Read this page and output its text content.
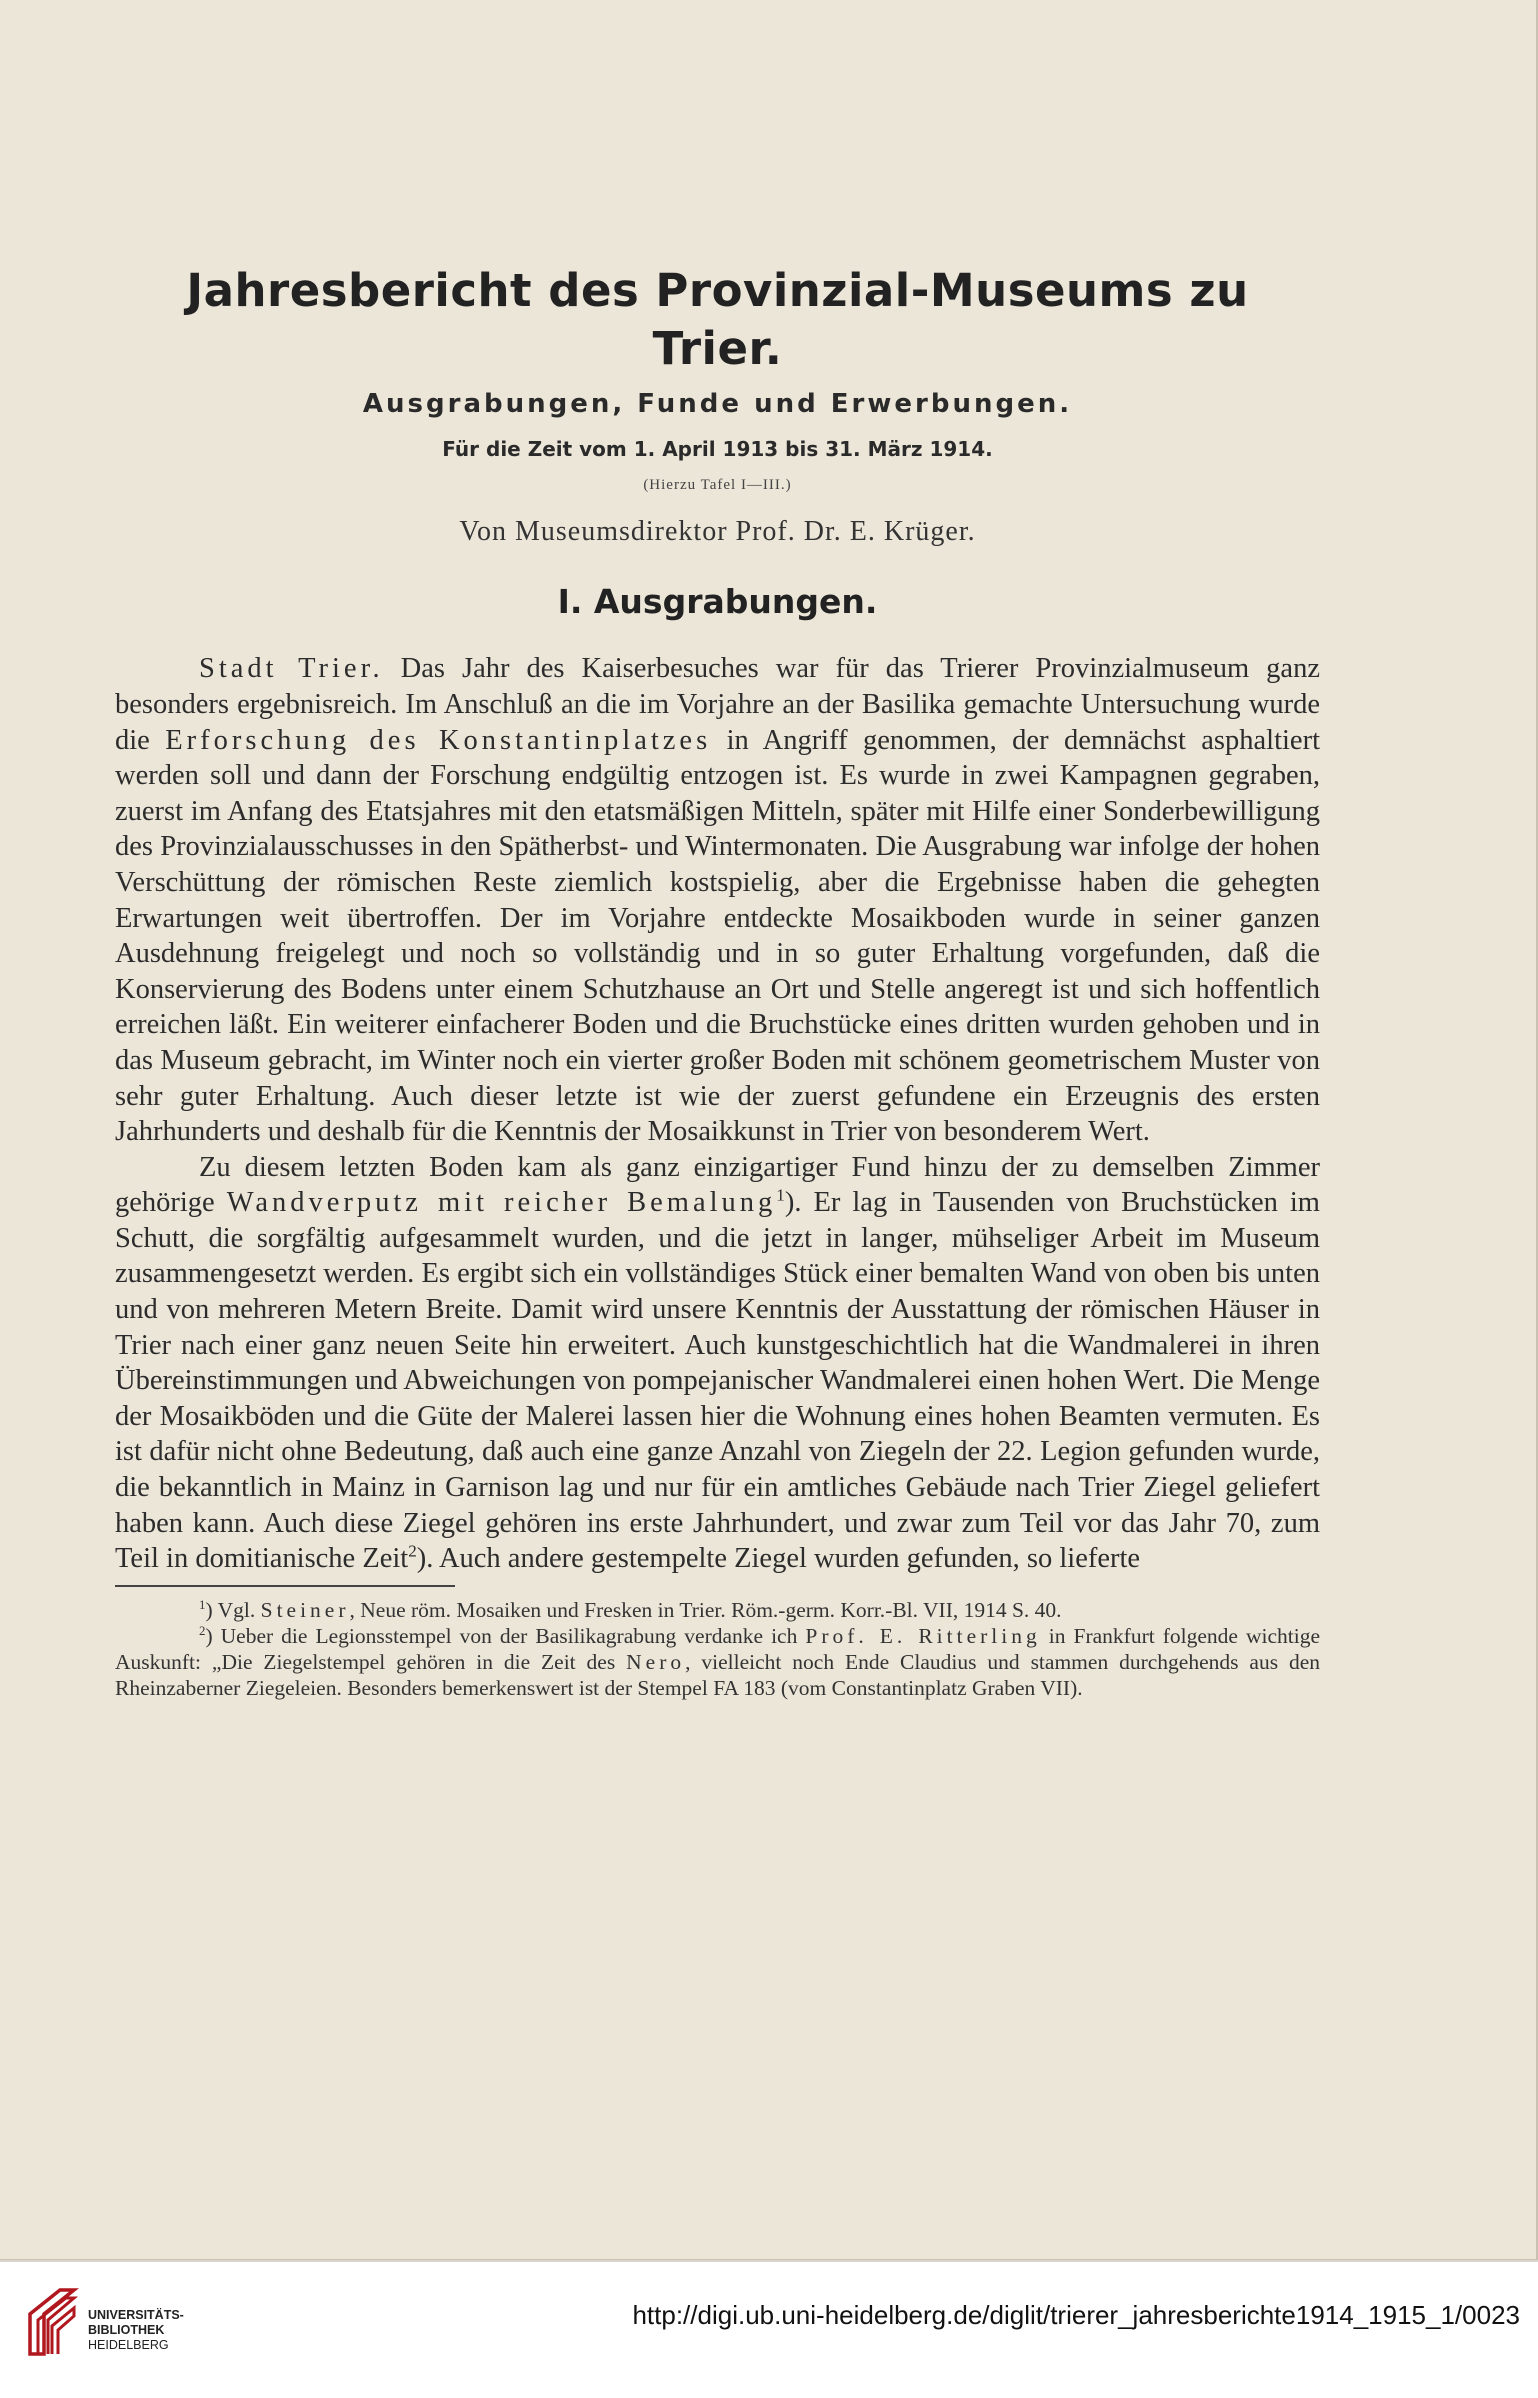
Jahresbericht des Provinzial-Museums zu Trier.
Ausgrabungen, Funde und Erwerbungen.
Für die Zeit vom 1. April 1913 bis 31. März 1914.
(Hierzu Tafel I—III.)
Von Museumsdirektor Prof. Dr. E. Krüger.
I. Ausgrabungen.

Stadt Trier. Das Jahr des Kaiserbesuches war für das Trierer Provinzialmuseum ganz besonders ergebnisreich. Im Anschluß an die im Vorjahre an der Basilika gemachte Untersuchung wurde die Erforschung des Konstantinplatzes in Angriff genommen, der demnächst asphaltiert werden soll und dann der Forschung endgültig entzogen ist. Es wurde in zwei Kampagnen gegraben, zuerst im Anfang des Etatsjahres mit den etatsmäßigen Mitteln, später mit Hilfe einer Sonderbewilligung des Provinzialausschusses in den Spätherbst- und Wintermonaten. Die Ausgrabung war infolge der hohen Verschüttung der römischen Reste ziemlich kostspielig, aber die Ergebnisse haben die gehegten Erwartungen weit übertroffen. Der im Vorjahre entdeckte Mosaikboden wurde in seiner ganzen Ausdehnung freigelegt und noch so vollständig und in so guter Erhaltung vorgefunden, daß die Konservierung des Bodens unter einem Schutzhause an Ort und Stelle angeregt ist und sich hoffentlich erreichen läßt. Ein weiterer einfacherer Boden und die Bruchstücke eines dritten wurden gehoben und in das Museum gebracht, im Winter noch ein vierter großer Boden mit schönem geometrischem Muster von sehr guter Erhaltung. Auch dieser letzte ist wie der zuerst gefundene ein Erzeugnis des ersten Jahrhunderts und deshalb für die Kenntnis der Mosaikkunst in Trier von besonderem Wert.

Zu diesem letzten Boden kam als ganz einzigartiger Fund hinzu der zu demselben Zimmer gehörige Wandverputz mit reicher Bemalung$^1$). Er lag in Tausenden von Bruchstücken im Schutt, die sorgfältig aufgesammelt wurden, und die jetzt in langer, mühseliger Arbeit im Museum zusammengesetzt werden. Es ergibt sich ein vollständiges Stück einer bemalten Wand von oben bis unten und von mehreren Metern Breite. Damit wird unsere Kenntnis der Ausstattung der römischen Häuser in Trier nach einer ganz neuen Seite hin erweitert. Auch kunstgeschichtlich hat die Wandmalerei in ihren Übereinstimmungen und Abweichungen von pompejanischer Wandmalerei einen hohen Wert. Die Menge der Mosaikböden und die Güte der Malerei lassen hier die Wohnung eines hohen Beamten vermuten. Es ist dafür nicht ohne Bedeutung, daß auch eine ganze Anzahl von Ziegeln der 22. Legion gefunden wurde, die bekanntlich in Mainz in Garnison lag und nur für ein amtliches Gebäude nach Trier Ziegel geliefert haben kann. Auch diese Ziegel gehören ins erste Jahrhundert, und zwar zum Teil vor das Jahr 70, zum Teil in domitianische Zeit$^2$). Auch andere gestempelte Ziegel wurden gefunden, so lieferte

$^1$) Vgl. Steiner, Neue röm. Mosaiken und Fresken in Trier. Röm.-germ. Korr.-Bl. VII, 1914 S. 40.

$^2$) Ueber die Legionsstempel von der Basilikagrabung verdanke ich Prof. E. Ritterling in Frankfurt folgende wichtige Auskunft: „Die Ziegelstempel gehören in die Zeit des Nero, vielleicht noch Ende Claudius und stammen durchgehends aus den Rheinzaberner Ziegeleien. Besonders bemerkenswert ist der Stempel FA 183 (vom Constantinplatz Graben VII).

UNIVERSITÄTS-
BIBLIOTHEK
HEIDELBERG
http://digi.ub.uni-heidelberg.de/diglit/trierer_jahresberichte1914_1915_1/0023
